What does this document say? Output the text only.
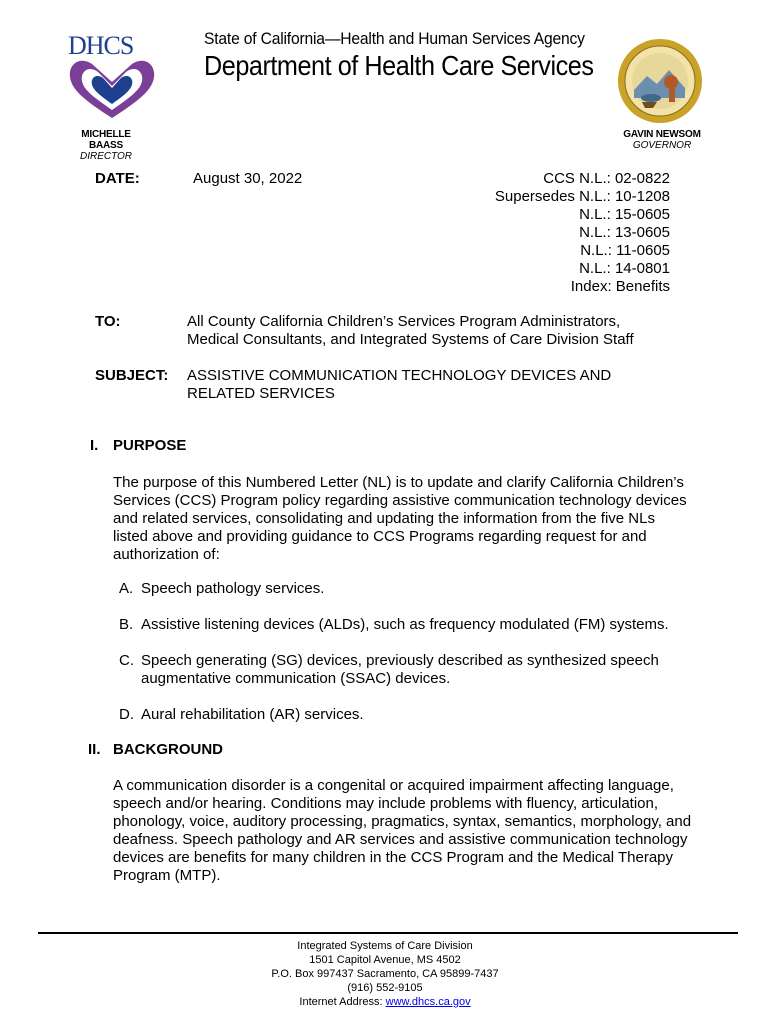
DHCS	State of California—Health and Human Services Agency
Department of Health Care Services
MICHELLE BAASS
DIRECTOR
GAVIN NEWSOM
GOVERNOR
DATE:	August 30, 2022	CCS N.L.: 02-0822
Supersedes N.L.: 10-1208
N.L.: 15-0605
N.L.: 13-0605
N.L.: 11-0605
N.L.: 14-0801
Index: Benefits
TO:	All County California Children’s Services Program Administrators,
Medical Consultants, and Integrated Systems of Care Division Staff
SUBJECT: ASSISTIVE COMMUNICATION TECHNOLOGY DEVICES AND
RELATED SERVICES
I. PURPOSE
The purpose of this Numbered Letter (NL) is to update and clarify California Children’s Services (CCS) Program policy regarding assistive communication technology devices and related services, consolidating and updating the information from the five NLs listed above and providing guidance to CCS Programs regarding request for and authorization of:
A. Speech pathology services.
B. Assistive listening devices (ALDs), such as frequency modulated (FM) systems.
C. Speech generating (SG) devices, previously described as synthesized speech augmentative communication (SSAC) devices.
D. Aural rehabilitation (AR) services.
II. BACKGROUND
A communication disorder is a congenital or acquired impairment affecting language, speech and/or hearing. Conditions may include problems with fluency, articulation, phonology, voice, auditory processing, pragmatics, syntax, semantics, morphology, and deafness. Speech pathology and AR services and assistive communication technology devices are benefits for many children in the CCS Program and the Medical Therapy Program (MTP).
Integrated Systems of Care Division
1501 Capitol Avenue, MS 4502
P.O. Box 997437 Sacramento, CA 95899-7437
(916) 552-9105
Internet Address: www.dhcs.ca.gov
